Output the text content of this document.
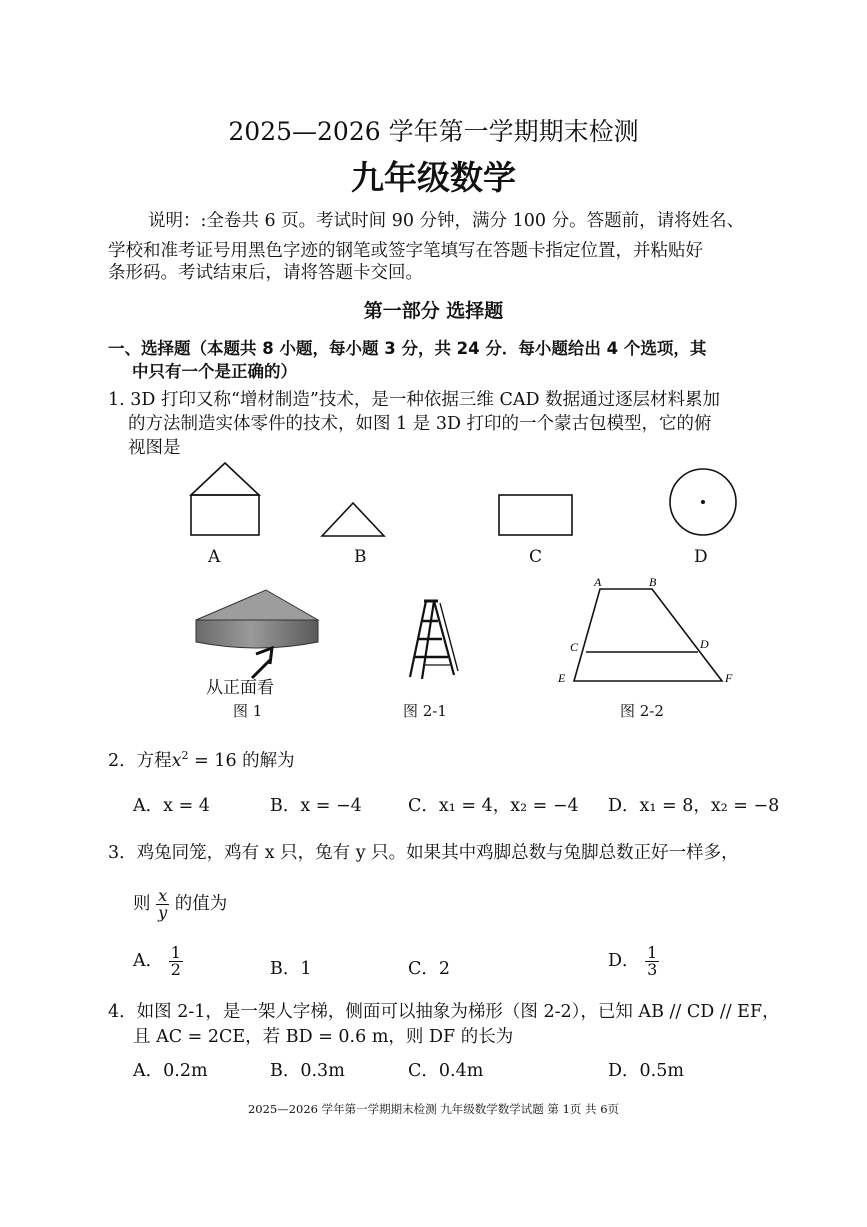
2025—2026 学年第一学期期末检测
九年级数学
说明：:全卷共 6 页。考试时间 90 分钟，满分 100 分。答题前，请将姓名、
学校和准考证号用黑色字迹的钢笔或签字笔填写在答题卡指定位置，并粘贴好
条形码。考试结束后，请将答题卡交回。
第一部分 选择题
一、选择题（本题共 8 小题，每小题 3 分，共 24 分．每小题给出 4 个选项，其
中只有一个是正确的）
1. 3D 打印又称“增材制造”技术，是一种依据三维 CAD 数据通过逐层材料累加
的方法制造实体零件的技术，如图 1 是 3D 打印的一个蒙古包模型，它的俯
视图是
A	B	C	D
从正面看
图 1	图 2-1
A	B
C	D
E	F
图 2-2
2．方程$x^2 = 16$ 的解为
A．x = 4	B．x = −4	C．x₁ = 4，x₂ = −4 D．x₁ = 8，x₂ = −8
3．鸡兔同笼，鸡有 x 只，兔有 y 只。如果其中鸡脚总数与兔脚总数正好一样多，
则 $\frac{x}{y}$ 的值为
A． $\frac{1}{2}$	B．1	C．2	D． $\frac{1}{3}$
4．如图 2-1，是一架人字梯，侧面可以抽象为梯形（图 2-2），已知 AB // CD // EF，
且 AC = 2CE，若 BD = 0.6 m，则 DF 的长为
A．0.2m	B．0.3m	C．0.4m	D．0.5m
2025—2026 学年第一学期期末检测 九年级数学数学试题 第 1页 共 6页
